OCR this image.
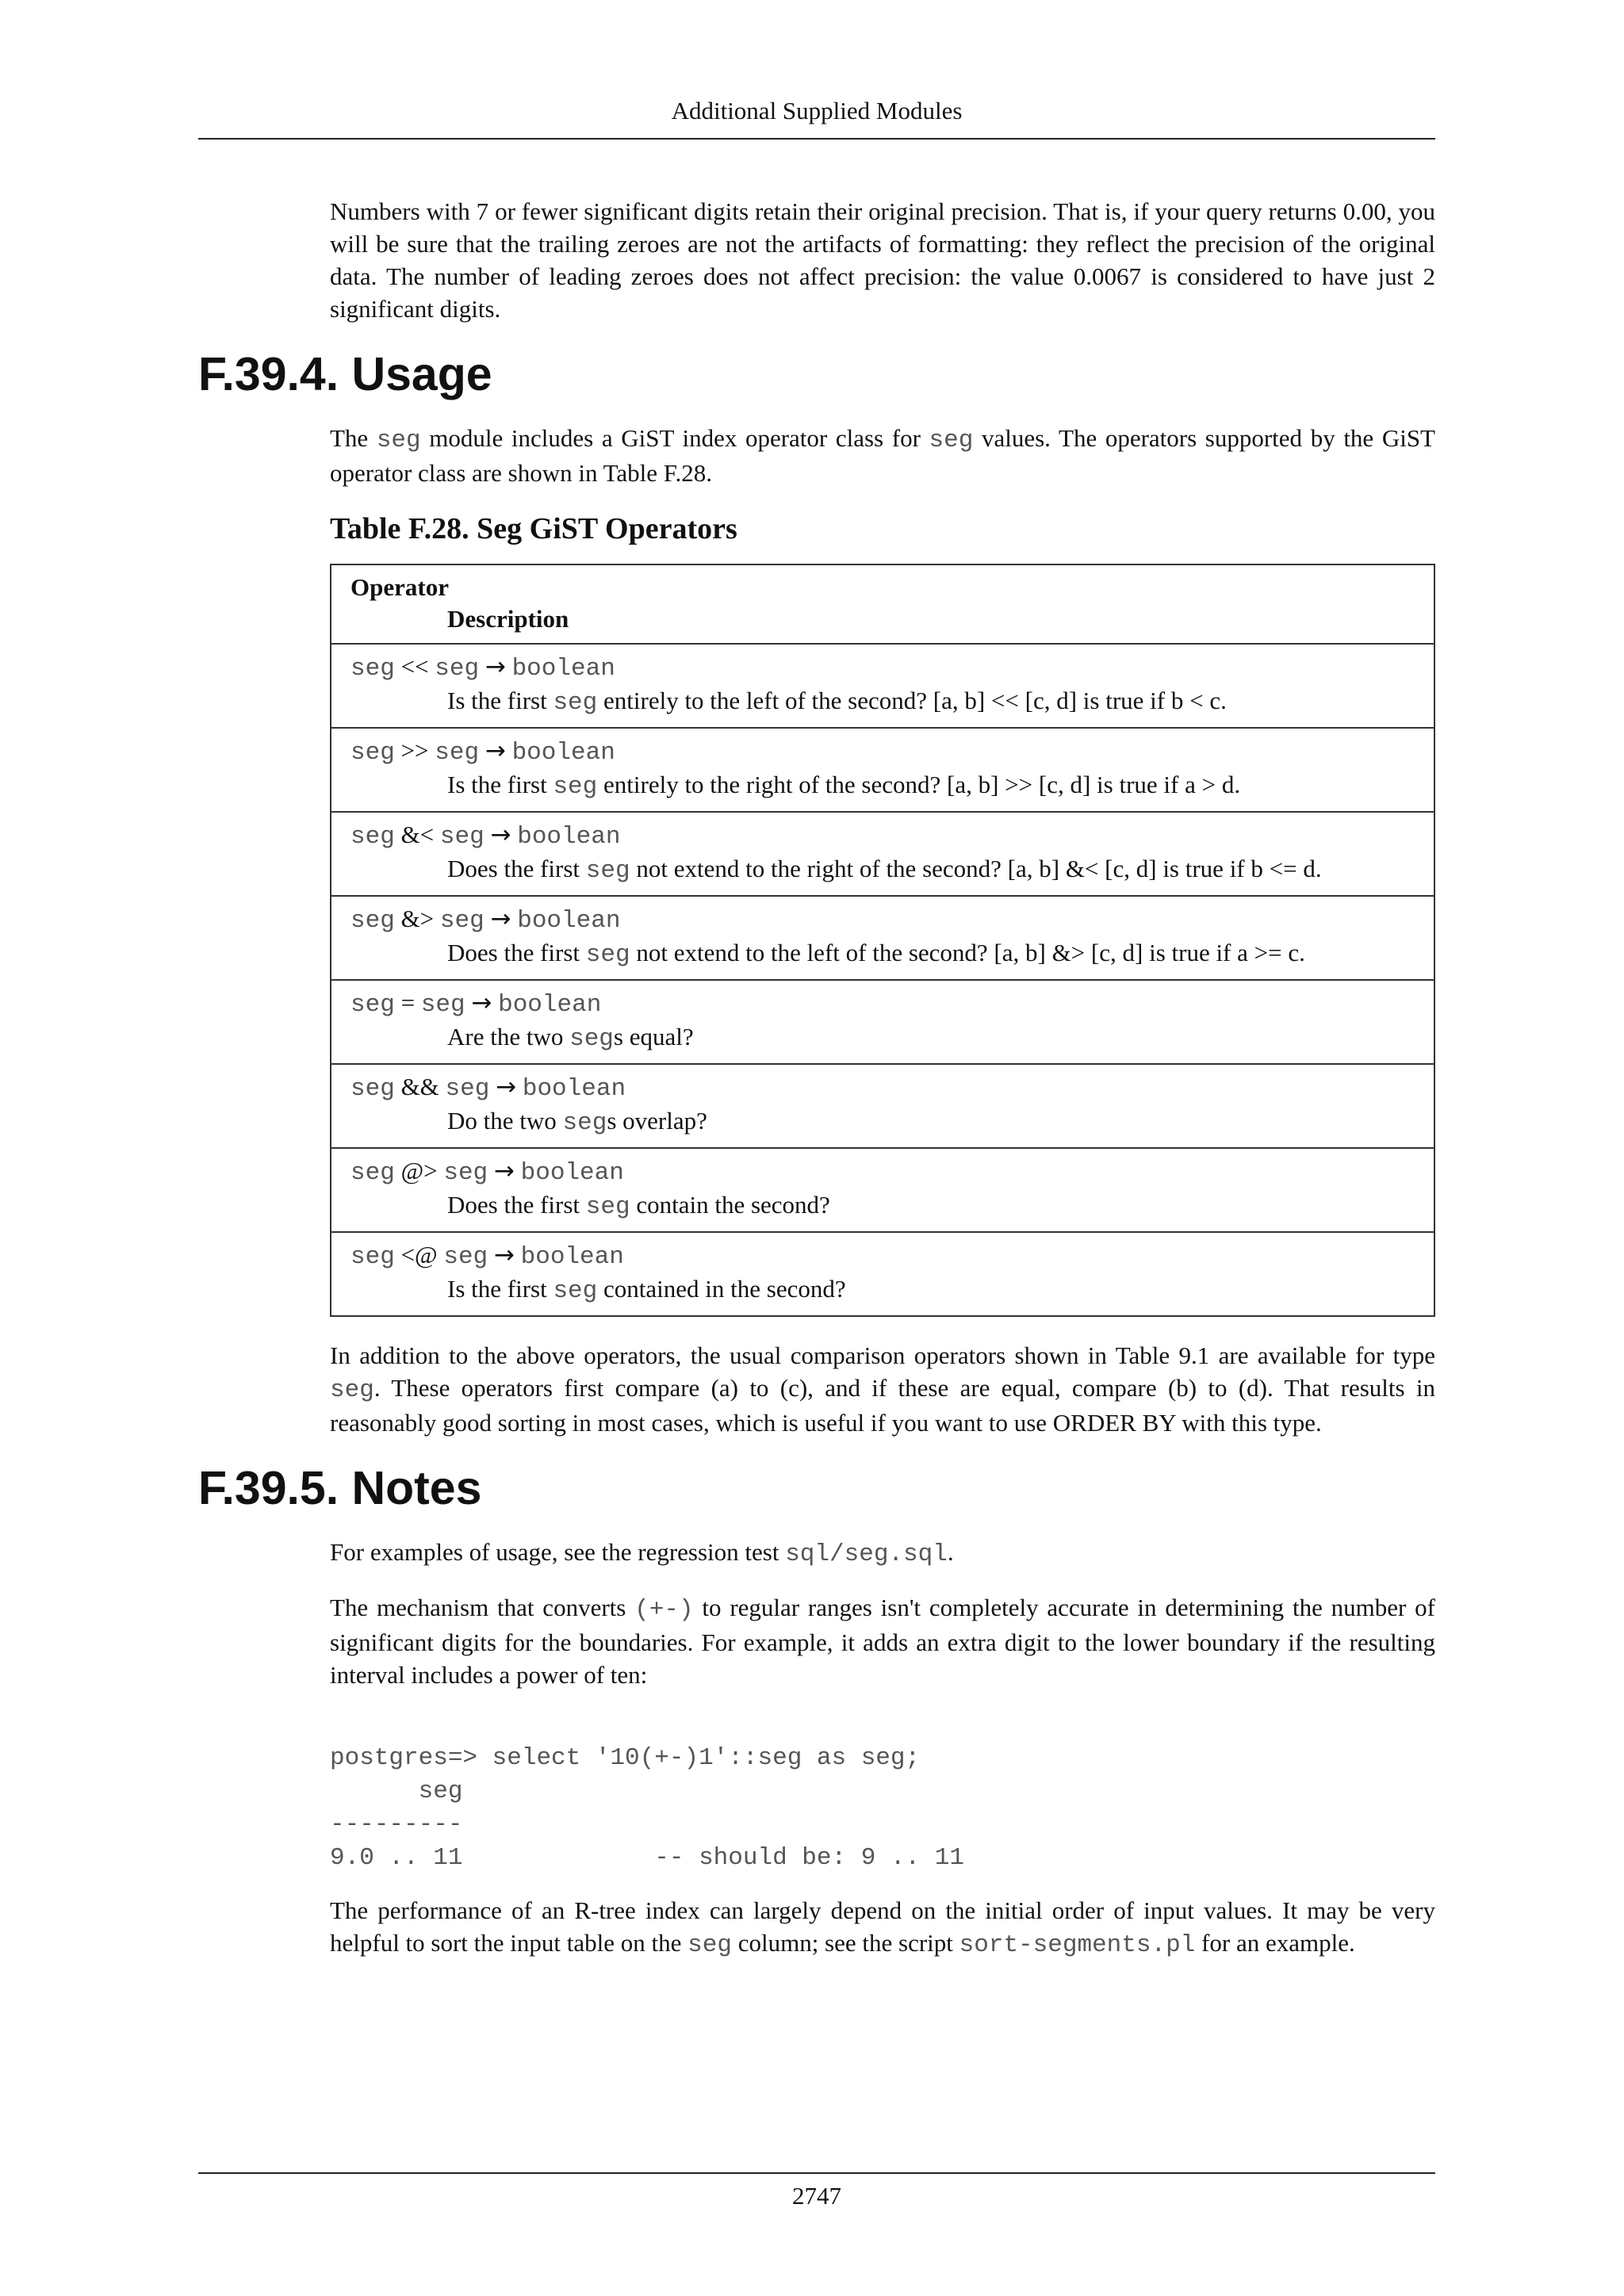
Additional Supplied Modules

Numbers with 7 or fewer significant digits retain their original precision. That is, if your query returns 0.00, you will be sure that the trailing zeroes are not the artifacts of formatting: they reflect the precision of the original data. The number of leading zeroes does not affect precision: the value 0.0067 is considered to have just 2 significant digits.

F.39.4. Usage

The seg module includes a GiST index operator class for seg values. The operators supported by the GiST operator class are shown in Table F.28.

Table F.28. Seg GiST Operators
Operator
Description

seg << seg → boolean
Is the first seg entirely to the left of the second? [a, b] << [c, d] is true if b < c.

seg >> seg → boolean
Is the first seg entirely to the right of the second? [a, b] >> [c, d] is true if a > d.

seg &< seg → boolean
Does the first seg not extend to the right of the second? [a, b] &< [c, d] is true if b <= d.

seg &> seg → boolean
Does the first seg not extend to the left of the second? [a, b] &> [c, d] is true if a >= c.

seg = seg → boolean
Are the two segs equal?

seg && seg → boolean
Do the two segs overlap?

seg @> seg → boolean
Does the first seg contain the second?

seg <@ seg → boolean
Is the first seg contained in the second?

In addition to the above operators, the usual comparison operators shown in Table 9.1 are available for type seg. These operators first compare (a) to (c), and if these are equal, compare (b) to (d). That results in reasonably good sorting in most cases, which is useful if you want to use ORDER BY with this type.

F.39.5. Notes

For examples of usage, see the regression test sql/seg.sql.

The mechanism that converts (+-) to regular ranges isn't completely accurate in determining the number of significant digits for the boundaries. For example, it adds an extra digit to the lower boundary if the resulting interval includes a power of ten:

postgres=> select '10(+-)1'::seg as seg;
seg
---------
9.0 .. 11             -- should be: 9 .. 11

The performance of an R-tree index can largely depend on the initial order of input values. It may be very helpful to sort the input table on the seg column; see the script sort-segments.pl for an example.

2747
